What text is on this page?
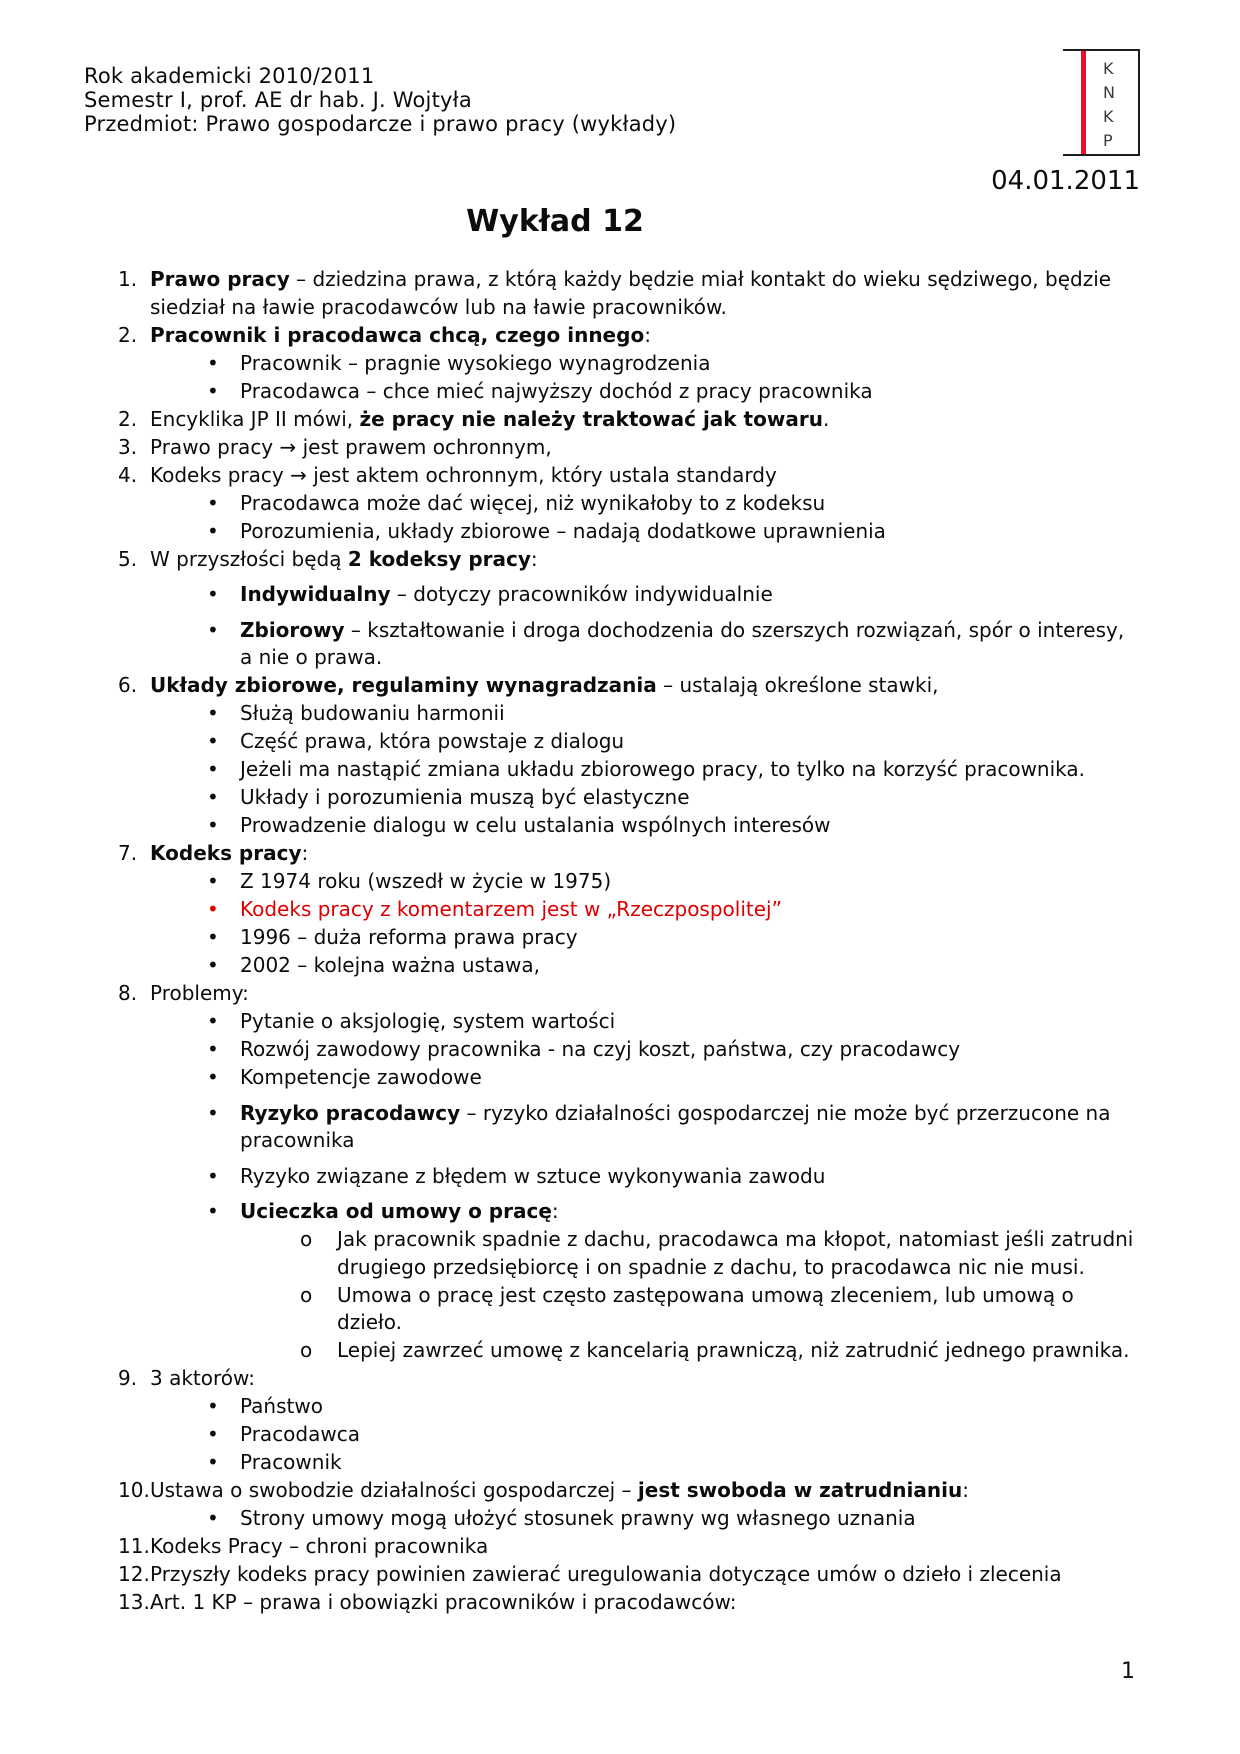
Rok akademicki 2010/2011
Semestr I, prof. AE dr hab. J. Wojtyła
Przedmiot: Prawo gospodarcze i prawo pracy (wykłady)
K
N
K
P
04.01.2011
Wykład 12
1. Prawo pracy – dziedzina prawa, z którą każdy będzie miał kontakt do wieku sędziwego, będzie siedział na ławie pracodawców lub na ławie pracowników.
2. Pracownik i pracodawca chcą, czego innego:
•	Pracownik – pragnie wysokiego wynagrodzenia
•	Pracodawca – chce mieć najwyższy dochód z pracy pracownika
2. Encyklika JP II mówi, że pracy nie należy traktować jak towaru.
3. Prawo pracy → jest prawem ochronnym,
4. Kodeks pracy → jest aktem ochronnym, który ustala standardy
•	Pracodawca może dać więcej, niż wynikałoby to z kodeksu
•	Porozumienia, układy zbiorowe – nadają dodatkowe uprawnienia
5. W przyszłości będą 2 kodeksy pracy:
•	Indywidualny – dotyczy pracowników indywidualnie
•	Zbiorowy – kształtowanie i droga dochodzenia do szerszych rozwiązań, spór o interesy, a nie o prawa.
6. Układy zbiorowe, regulaminy wynagradzania – ustalają określone stawki,
•	Służą budowaniu harmonii
•	Część prawa, która powstaje z dialogu
•	Jeżeli ma nastąpić zmiana układu zbiorowego pracy, to tylko na korzyść pracownika.
•	Układy i porozumienia muszą być elastyczne
•	Prowadzenie dialogu w celu ustalania wspólnych interesów
7. Kodeks pracy:
•	Z 1974 roku (wszedł w życie w 1975)
•	Kodeks pracy z komentarzem jest w „Rzeczpospolitej”
•	1996 – duża reforma prawa pracy
•	2002 – kolejna ważna ustawa,
8. Problemy:
•	Pytanie o aksjologię, system wartości
•	Rozwój zawodowy pracownika - na czyj koszt, państwa, czy pracodawcy
•	Kompetencje zawodowe
•	Ryzyko pracodawcy – ryzyko działalności gospodarczej nie może być przerzucone na pracownika
•	Ryzyko związane z błędem w sztuce wykonywania zawodu
•	Ucieczka od umowy o pracę:
o	Jak pracownik spadnie z dachu, pracodawca ma kłopot, natomiast jeśli zatrudni drugiego przedsiębiorcę i on spadnie z dachu, to pracodawca nic nie musi.
o	Umowa o pracę jest często zastępowana umową zleceniem, lub umową o dzieło.
o	Lepiej zawrzeć umowę z kancelarią prawniczą, niż zatrudnić jednego prawnika.
9. 3 aktorów:
•	Państwo
•	Pracodawca
•	Pracownik
10. Ustawa o swobodzie działalności gospodarczej – jest swoboda w zatrudnianiu:
•	Strony umowy mogą ułożyć stosunek prawny wg własnego uznania
11. Kodeks Pracy – chroni pracownika
12. Przyszły kodeks pracy powinien zawierać uregulowania dotyczące umów o dzieło i zlecenia
13. Art. 1 KP – prawa i obowiązki pracowników i pracodawców:
1
